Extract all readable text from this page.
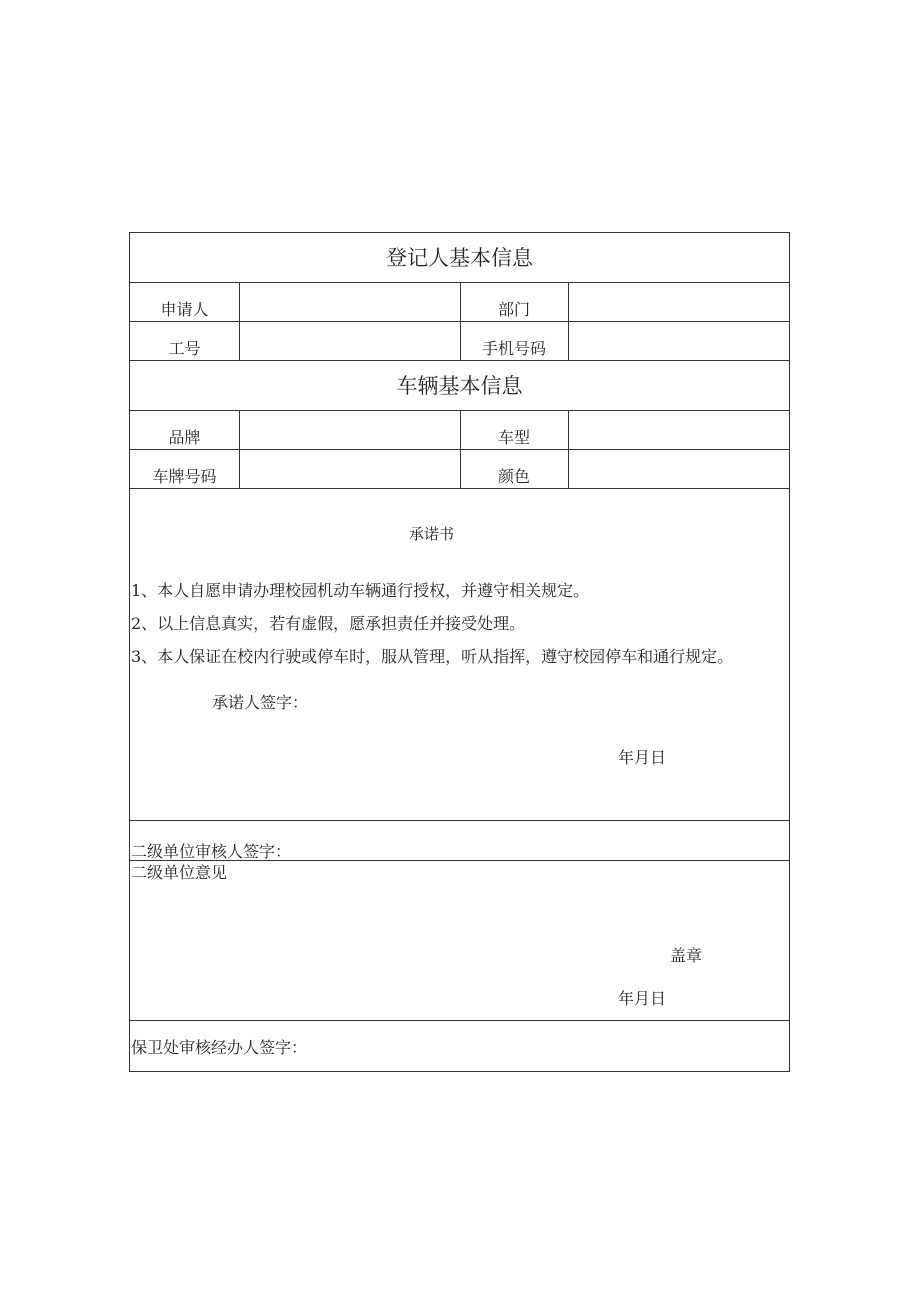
登记人基本信息
申请人	部门
工号	手机号码
车辆基本信息
品牌	车型
车牌号码	颜色
承诺书
1、本人自愿申请办理校园机动车辆通行授权，并遵守相关规定。
2、以上信息真实，若有虚假，愿承担责任并接受处理。
3、本人保证在校内行驶或停车时，服从管理，听从指挥，遵守校园停车和通行规定。
承诺人签字：
年月日
二级单位审核人签字：
二级单位意见
盖章
年月日
保卫处审核经办人签字：
